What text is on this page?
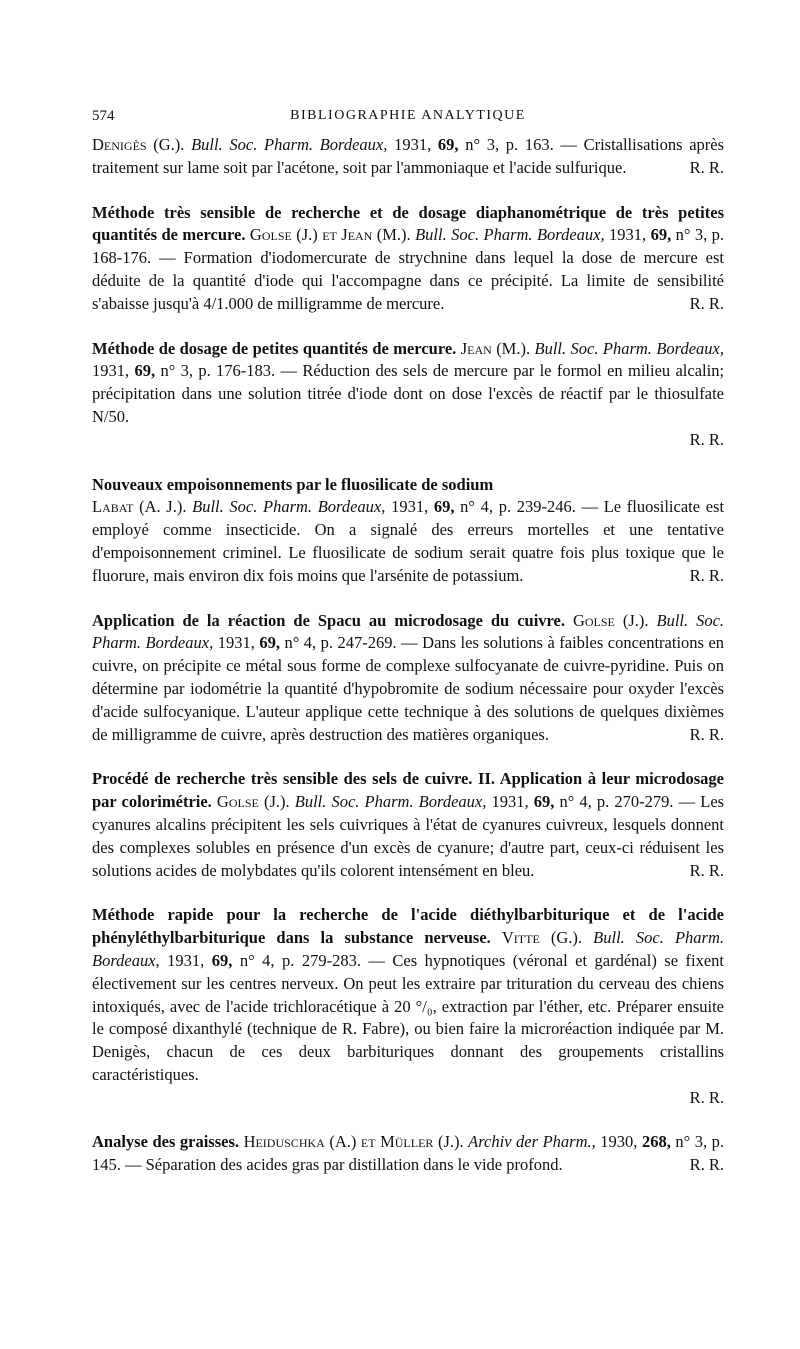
574	BIBLIOGRAPHIE ANALYTIQUE
Denigès (G.). Bull. Soc. Pharm. Bordeaux, 1931, 69, n° 3, p. 163. — Cristallisations après traitement sur lame soit par l'acétone, soit par l'ammoniaque et l'acide sulfurique.	R. R.
Méthode très sensible de recherche et de dosage diaphanométrique de très petites quantités de mercure. Golse (J.) et Jean (M.). Bull. Soc. Pharm. Bordeaux, 1931, 69, n° 3, p. 168-176. — Formation d'iodomercurate de strychnine dans lequel la dose de mercure est déduite de la quantité d'iode qui l'accompagne dans ce précipité. La limite de sensibilité s'abaisse jusqu'à 4/1.000 de milligramme de mercure.	R. R.
Méthode de dosage de petites quantités de mercure. Jean (M.). Bull. Soc. Pharm. Bordeaux, 1931, 69, n° 3, p. 176-183. — Réduction des sels de mercure par le formol en milieu alcalin; précipitation dans une solution titrée d'iode dont on dose l'excès de réactif par le thiosulfate N/50.
R. R.
Nouveaux empoisonnements par le fluosilicate de sodium
Labat (A. J.). Bull. Soc. Pharm. Bordeaux, 1931, 69, n° 4, p. 239-246. — Le fluosilicate est employé comme insecticide. On a signalé des erreurs mortelles et une tentative d'empoisonnement criminel. Le fluosilicate de sodium serait quatre fois plus toxique que le fluorure, mais environ dix fois moins que l'arsénite de potassium.	R. R.
Application de la réaction de Spacu au microdosage du cuivre. Golse (J.). Bull. Soc. Pharm. Bordeaux, 1931, 69, n° 4, p. 247-269. — Dans les solutions à faibles concentrations en cuivre, on précipite ce métal sous forme de complexe sulfocyanate de cuivre-pyridine. Puis on détermine par iodométrie la quantité d'hypobromite de sodium nécessaire pour oxyder l'excès d'acide sulfocyanique. L'auteur applique cette technique à des solutions de quelques dixièmes de milligramme de cuivre, après destruction des matières organiques.	R. R.
Procédé de recherche très sensible des sels de cuivre. II. Application à leur microdosage par colorimétrie. Golse (J.). Bull. Soc. Pharm. Bordeaux, 1931, 69, n° 4, p. 270-279. — Les cyanures alcalins précipitent les sels cuivriques à l'état de cyanures cuivreux, lesquels donnent des complexes solubles en présence d'un excès de cyanure; d'autre part, ceux-ci réduisent les solutions acides de molybdates qu'ils colorent intensément en bleu.	R. R.
Méthode rapide pour la recherche de l'acide diéthylbarbiturique et de l'acide phényléthylbarbiturique dans la substance nerveuse. Vitte (G.). Bull. Soc. Pharm. Bordeaux, 1931, 69, n° 4, p. 279-283. — Ces hypnotiques (véronal et gardénal) se fixent électivement sur les centres nerveux. On peut les extraire par trituration du cerveau des chiens intoxiqués, avec de l'acide trichloracétique à 20 °/₀, extraction par l'éther, etc. Préparer ensuite le composé dixanthylé (technique de R. Fabre), ou bien faire la microréaction indiquée par M. Denigès, chacun de ces deux barbituriques donnant des groupements cristallins caractéristiques.
R. R.
Analyse des graisses. Heiduschka (A.) et Müller (J.). Archiv der Pharm., 1930, 268, n° 3, p. 145. — Séparation des acides gras par distillation dans le vide profond.	R. R.
